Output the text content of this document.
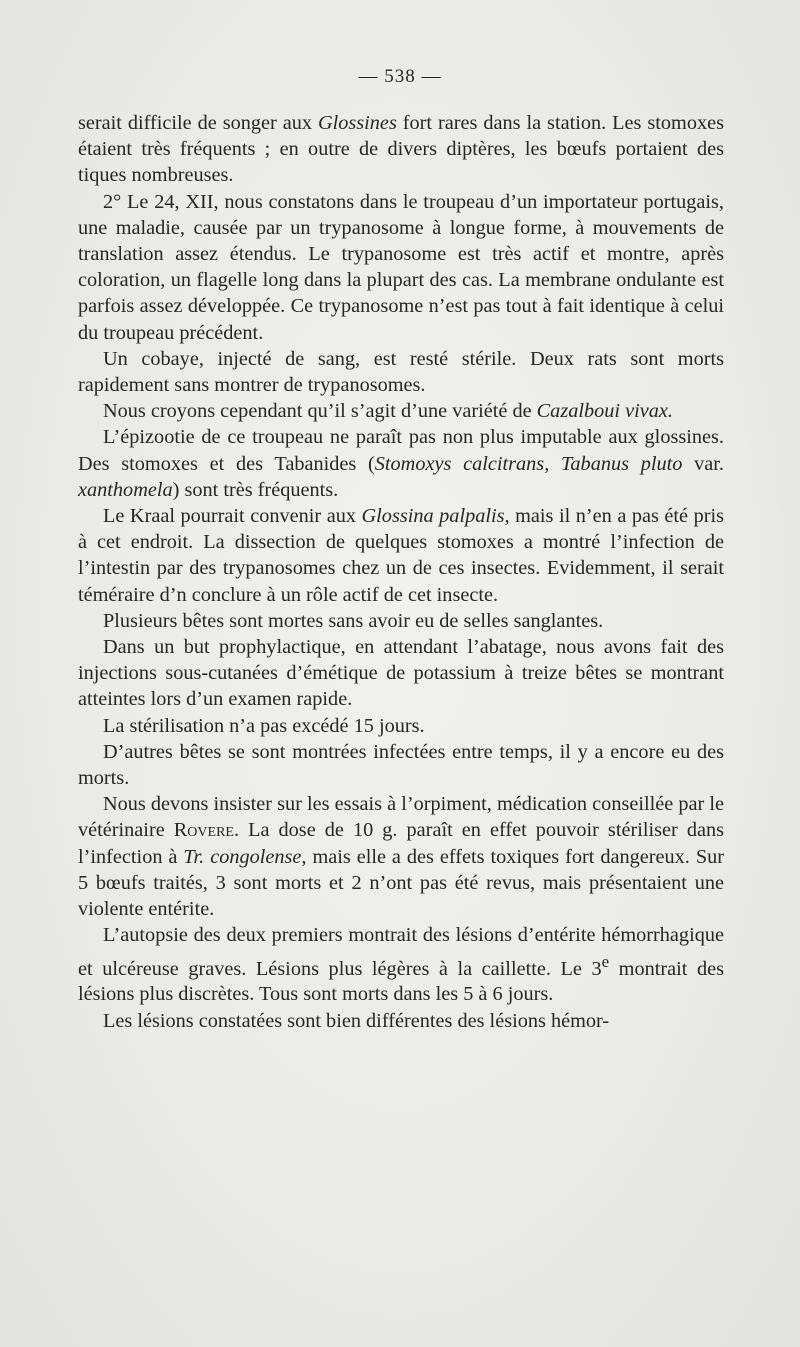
— 538 —

serait difficile de songer aux Glossines fort rares dans la station. Les stomoxes étaient très fréquents ; en outre de divers diptères, les bœufs portaient des tiques nombreuses.

2° Le 24, XII, nous constatons dans le troupeau d’un importateur portugais, une maladie, causée par un trypanosome à longue forme, à mouvements de translation assez étendus. Le trypanosome est très actif et montre, après coloration, un flagelle long dans la plupart des cas. La membrane ondulante est parfois assez développée. Ce trypanosome n’est pas tout à fait identique à celui du troupeau précédent.

Un cobaye, injecté de sang, est resté stérile. Deux rats sont morts rapidement sans montrer de trypanosomes.

Nous croyons cependant qu’il s’agit d’une variété de Cazalboui vivax.

L’épizootie de ce troupeau ne paraît pas non plus imputable aux glossines. Des stomoxes et des Tabanides (Stomoxys calcitrans, Tabanus pluto var. xanthomela) sont très fréquents.

Le Kraal pourrait convenir aux Glossina palpalis, mais il n’en a pas été pris à cet endroit. La dissection de quelques stomoxes a montré l’infection de l’intestin par des trypanosomes chez un de ces insectes. Evidemment, il serait téméraire d’n conclure à un rôle actif de cet insecte.

Plusieurs bêtes sont mortes sans avoir eu de selles sanglantes.

Dans un but prophylactique, en attendant l’abatage, nous avons fait des injections sous-cutanées d’émétique de potassium à treize bêtes se montrant atteintes lors d’un examen rapide.

La stérilisation n’a pas excédé 15 jours.

D’autres bêtes se sont montrées infectées entre temps, il y a encore eu des morts.

Nous devons insister sur les essais à l’orpiment, médication conseillée par le vétérinaire Rovere. La dose de 10 g. paraît en effet pouvoir stériliser dans l’infection à Tr. congolense, mais elle a des effets toxiques fort dangereux. Sur 5 bœufs traités, 3 sont morts et 2 n’ont pas été revus, mais présentaient une violente entérite.

L’autopsie des deux premiers montrait des lésions d’entérite hémorrhagique et ulcéreuse graves. Lésions plus légères à la caillette. Le 3e montrait des lésions plus discrètes. Tous sont morts dans les 5 à 6 jours.

Les lésions constatées sont bien différentes des lésions hémor-
